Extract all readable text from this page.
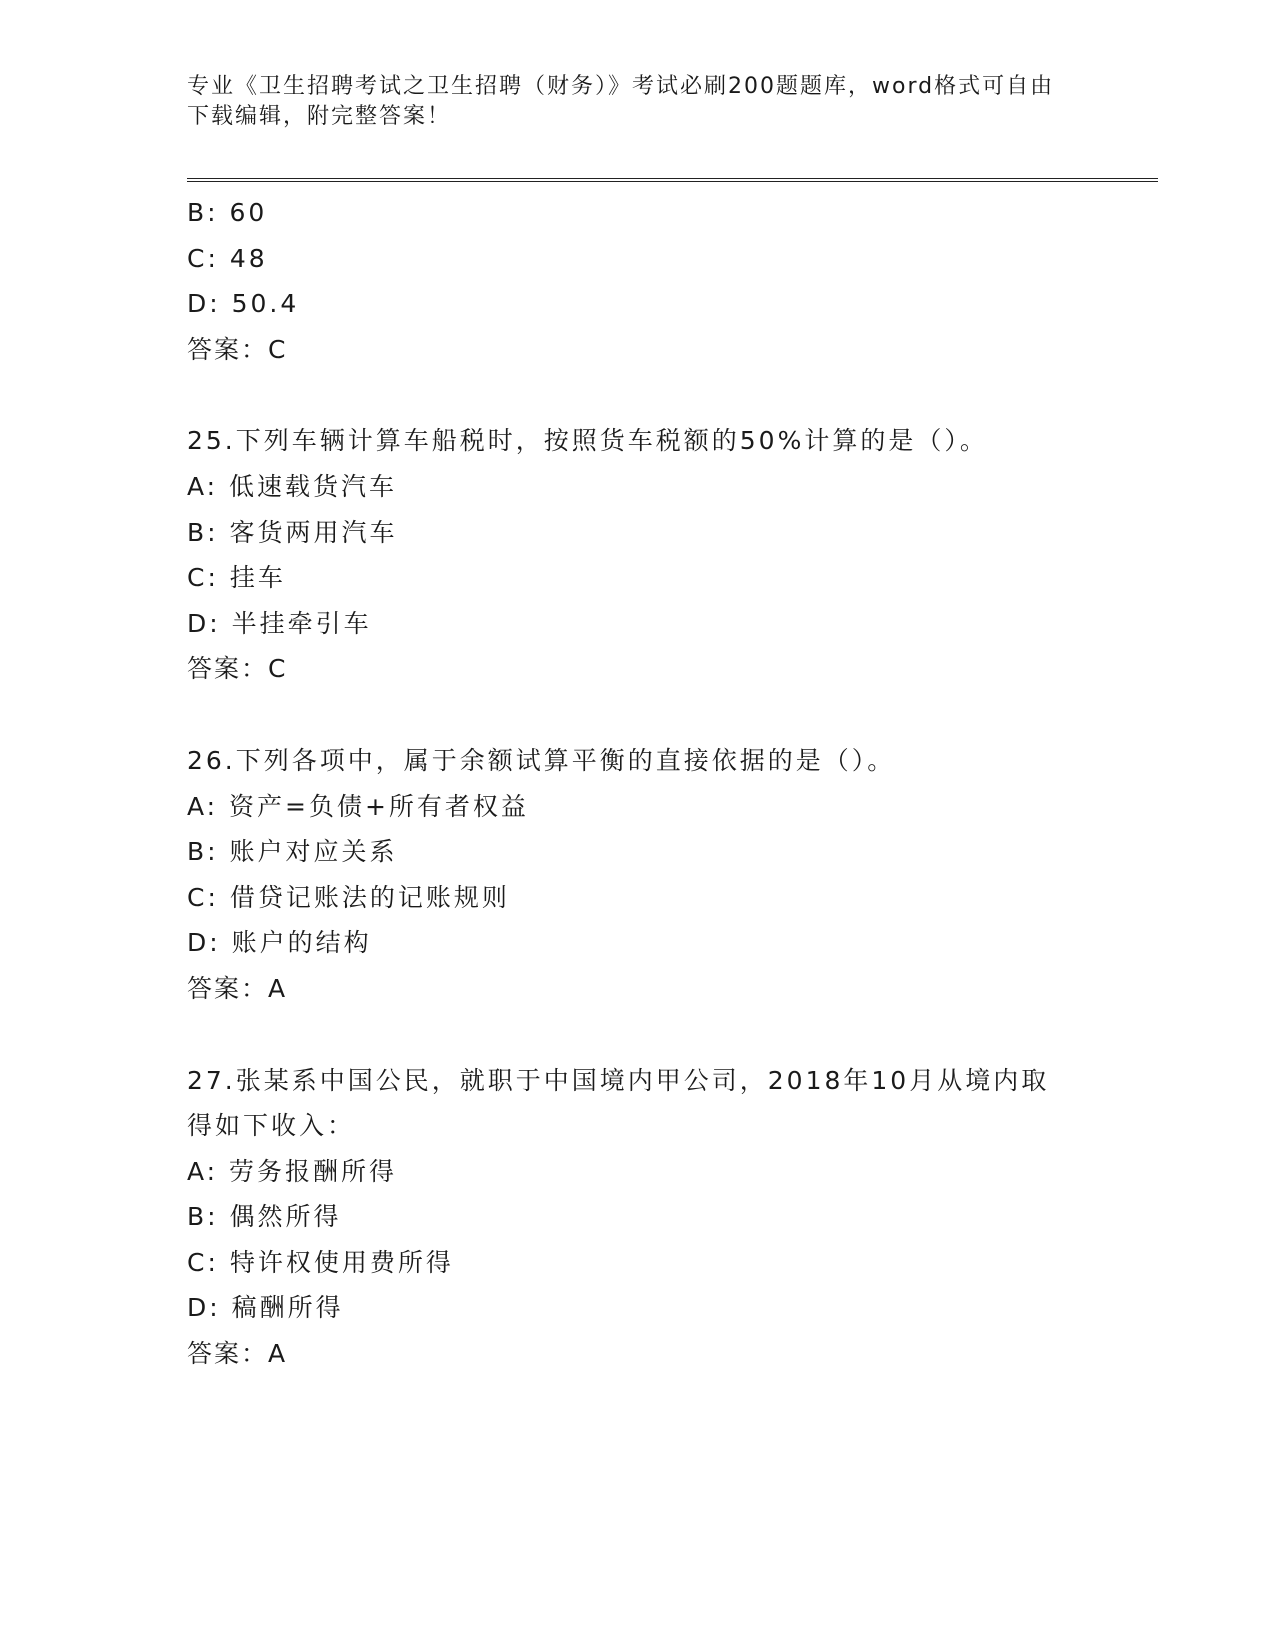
专业《卫生招聘考试之卫生招聘（财务）》考试必刷200题题库，word格式可自由下载编辑，附完整答案！
B: 60
C: 48
D: 50.4
答案：C
25.下列车辆计算车船税时，按照货车税额的50%计算的是（）。
A: 低速载货汽车
B: 客货两用汽车
C: 挂车
D: 半挂牵引车
答案：C
26.下列各项中，属于余额试算平衡的直接依据的是（）。
A: 资产=负债+所有者权益
B: 账户对应关系
C: 借贷记账法的记账规则
D: 账户的结构
答案：A
27.张某系中国公民，就职于中国境内甲公司，2018年10月从境内取得如下收入：
A: 劳务报酬所得
B: 偶然所得
C: 特许权使用费所得
D: 稿酬所得
答案：A
